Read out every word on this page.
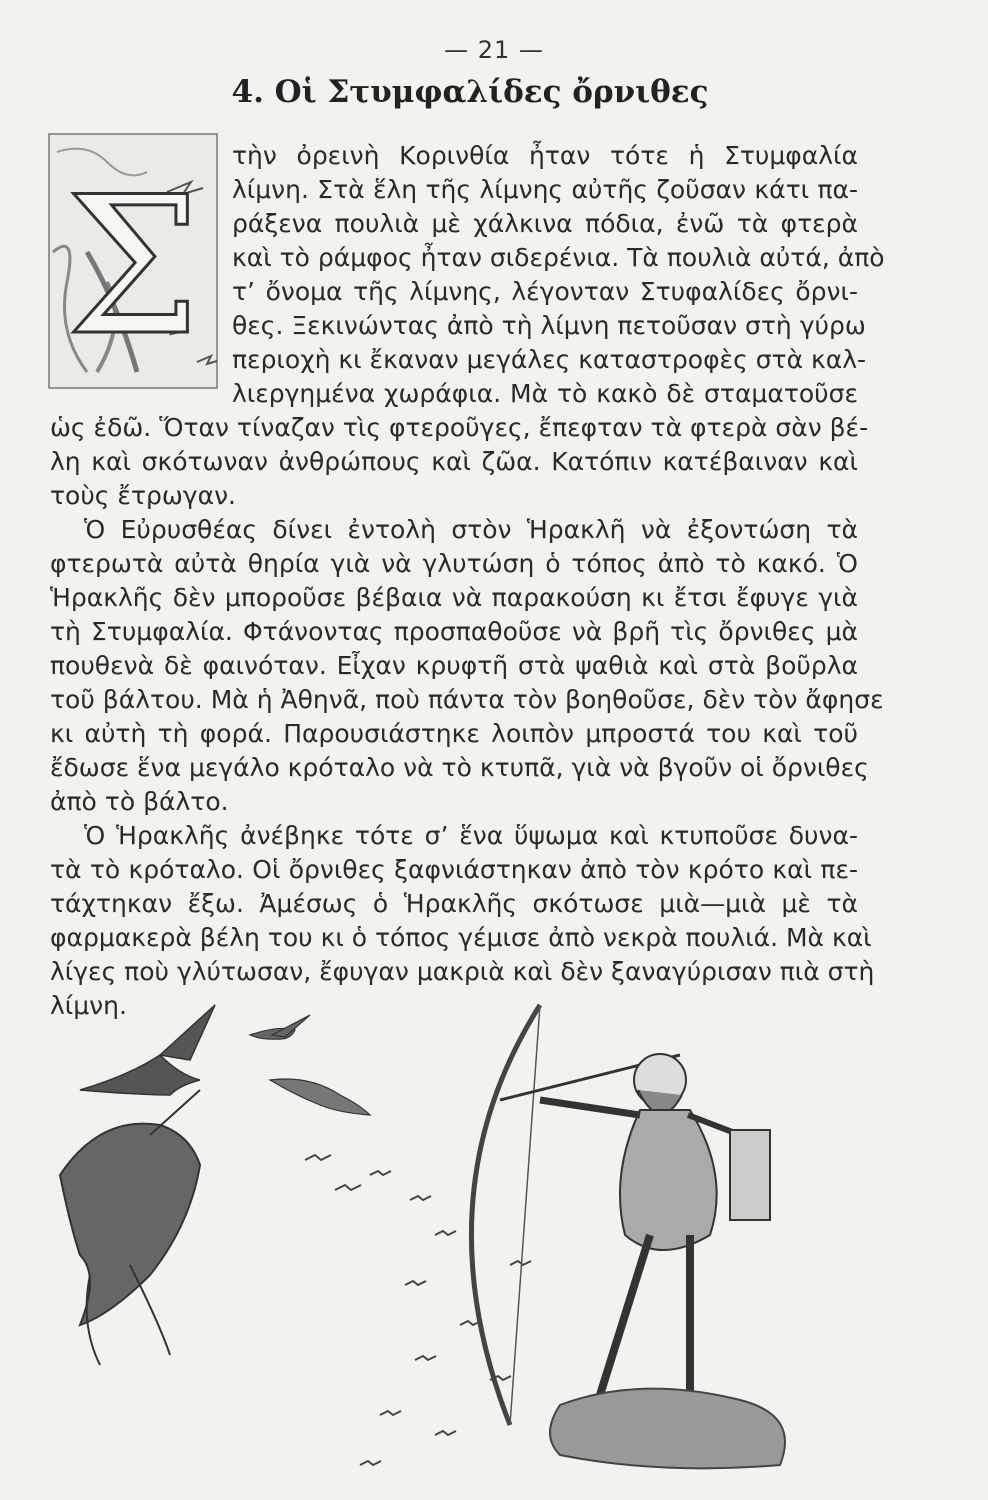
— 21 —
4. Οἱ Στυμφαλίδες ὄρνιθες
Σ
τὴν ὀρεινὴ Κορινθία ἦταν τότε ἡ Στυμφαλία
λίμνη. Στὰ ἕλη τῆς λίμνης αὐτῆς ζοῦσαν κάτι πα-
ράξενα πουλιὰ μὲ χάλκινα πόδια, ἐνῶ τὰ φτερὰ
καὶ τὸ ράμφος ἦταν σιδερένια. Τὰ πουλιὰ αὐτά, ἀπὸ
τ’ ὄνομα τῆς λίμνης, λέγονταν Στυφαλίδες ὄρνι-
θες. Ξεκινώντας ἀπὸ τὴ λίμνη πετοῦσαν στὴ γύρω
περιοχὴ κι ἔκαναν μεγάλες καταστροφὲς στὰ καλ-
λιεργημένα χωράφια. Μὰ τὸ κακὸ δὲ σταματοῦσε
ὡς ἐδῶ. Ὅταν τίναζαν τὶς φτεροῦγες, ἔπεφταν τὰ φτερὰ σὰν βέ-
λη καὶ σκότωναν ἀνθρώπους καὶ ζῶα. Κατόπιν κατέβαιναν καὶ
τοὺς ἔτρωγαν.
Ὁ Εὐρυσθέας δίνει ἐντολὴ στὸν Ἡρακλῆ νὰ ἐξοντώση τὰ
φτερωτὰ αὐτὰ θηρία γιὰ νὰ γλυτώση ὁ τόπος ἀπὸ τὸ κακό. Ὁ
Ἡρακλῆς δὲν μποροῦσε βέβαια νὰ παρακούση κι ἔτσι ἔφυγε γιὰ
τὴ Στυμφαλία. Φτάνοντας προσπαθοῦσε νὰ βρῆ τὶς ὄρνιθες μὰ
πουθενὰ δὲ φαινόταν. Εἶχαν κρυφτῆ στὰ ψαθιὰ καὶ στὰ βοῦρλα
τοῦ βάλτου. Μὰ ἡ Ἀθηνᾶ, ποὺ πάντα τὸν βοηθοῦσε, δὲν τὸν ἄφησε
κι αὐτὴ τὴ φορά. Παρουσιάστηκε λοιπὸν μπροστά του καὶ τοῦ
ἔδωσε ἕνα μεγάλο κρόταλο νὰ τὸ κτυπᾶ, γιὰ νὰ βγοῦν οἱ ὄρνιθες
ἀπὸ τὸ βάλτο.
Ὁ Ἡρακλῆς ἀνέβηκε τότε σ’ ἕνα ὕψωμα καὶ κτυποῦσε δυνα-
τὰ τὸ κρόταλο. Οἱ ὄρνιθες ξαφνιάστηκαν ἀπὸ τὸν κρότο καὶ πε-
τάχτηκαν ἔξω. Ἀμέσως ὁ Ἡρακλῆς σκότωσε μιὰ—μιὰ μὲ τὰ
φαρμακερὰ βέλη του κι ὁ τόπος γέμισε ἀπὸ νεκρὰ πουλιά. Μὰ καὶ
λίγες ποὺ γλύτωσαν, ἔφυγαν μακριὰ καὶ δὲν ξαναγύρισαν πιὰ στὴ
λίμνη.
